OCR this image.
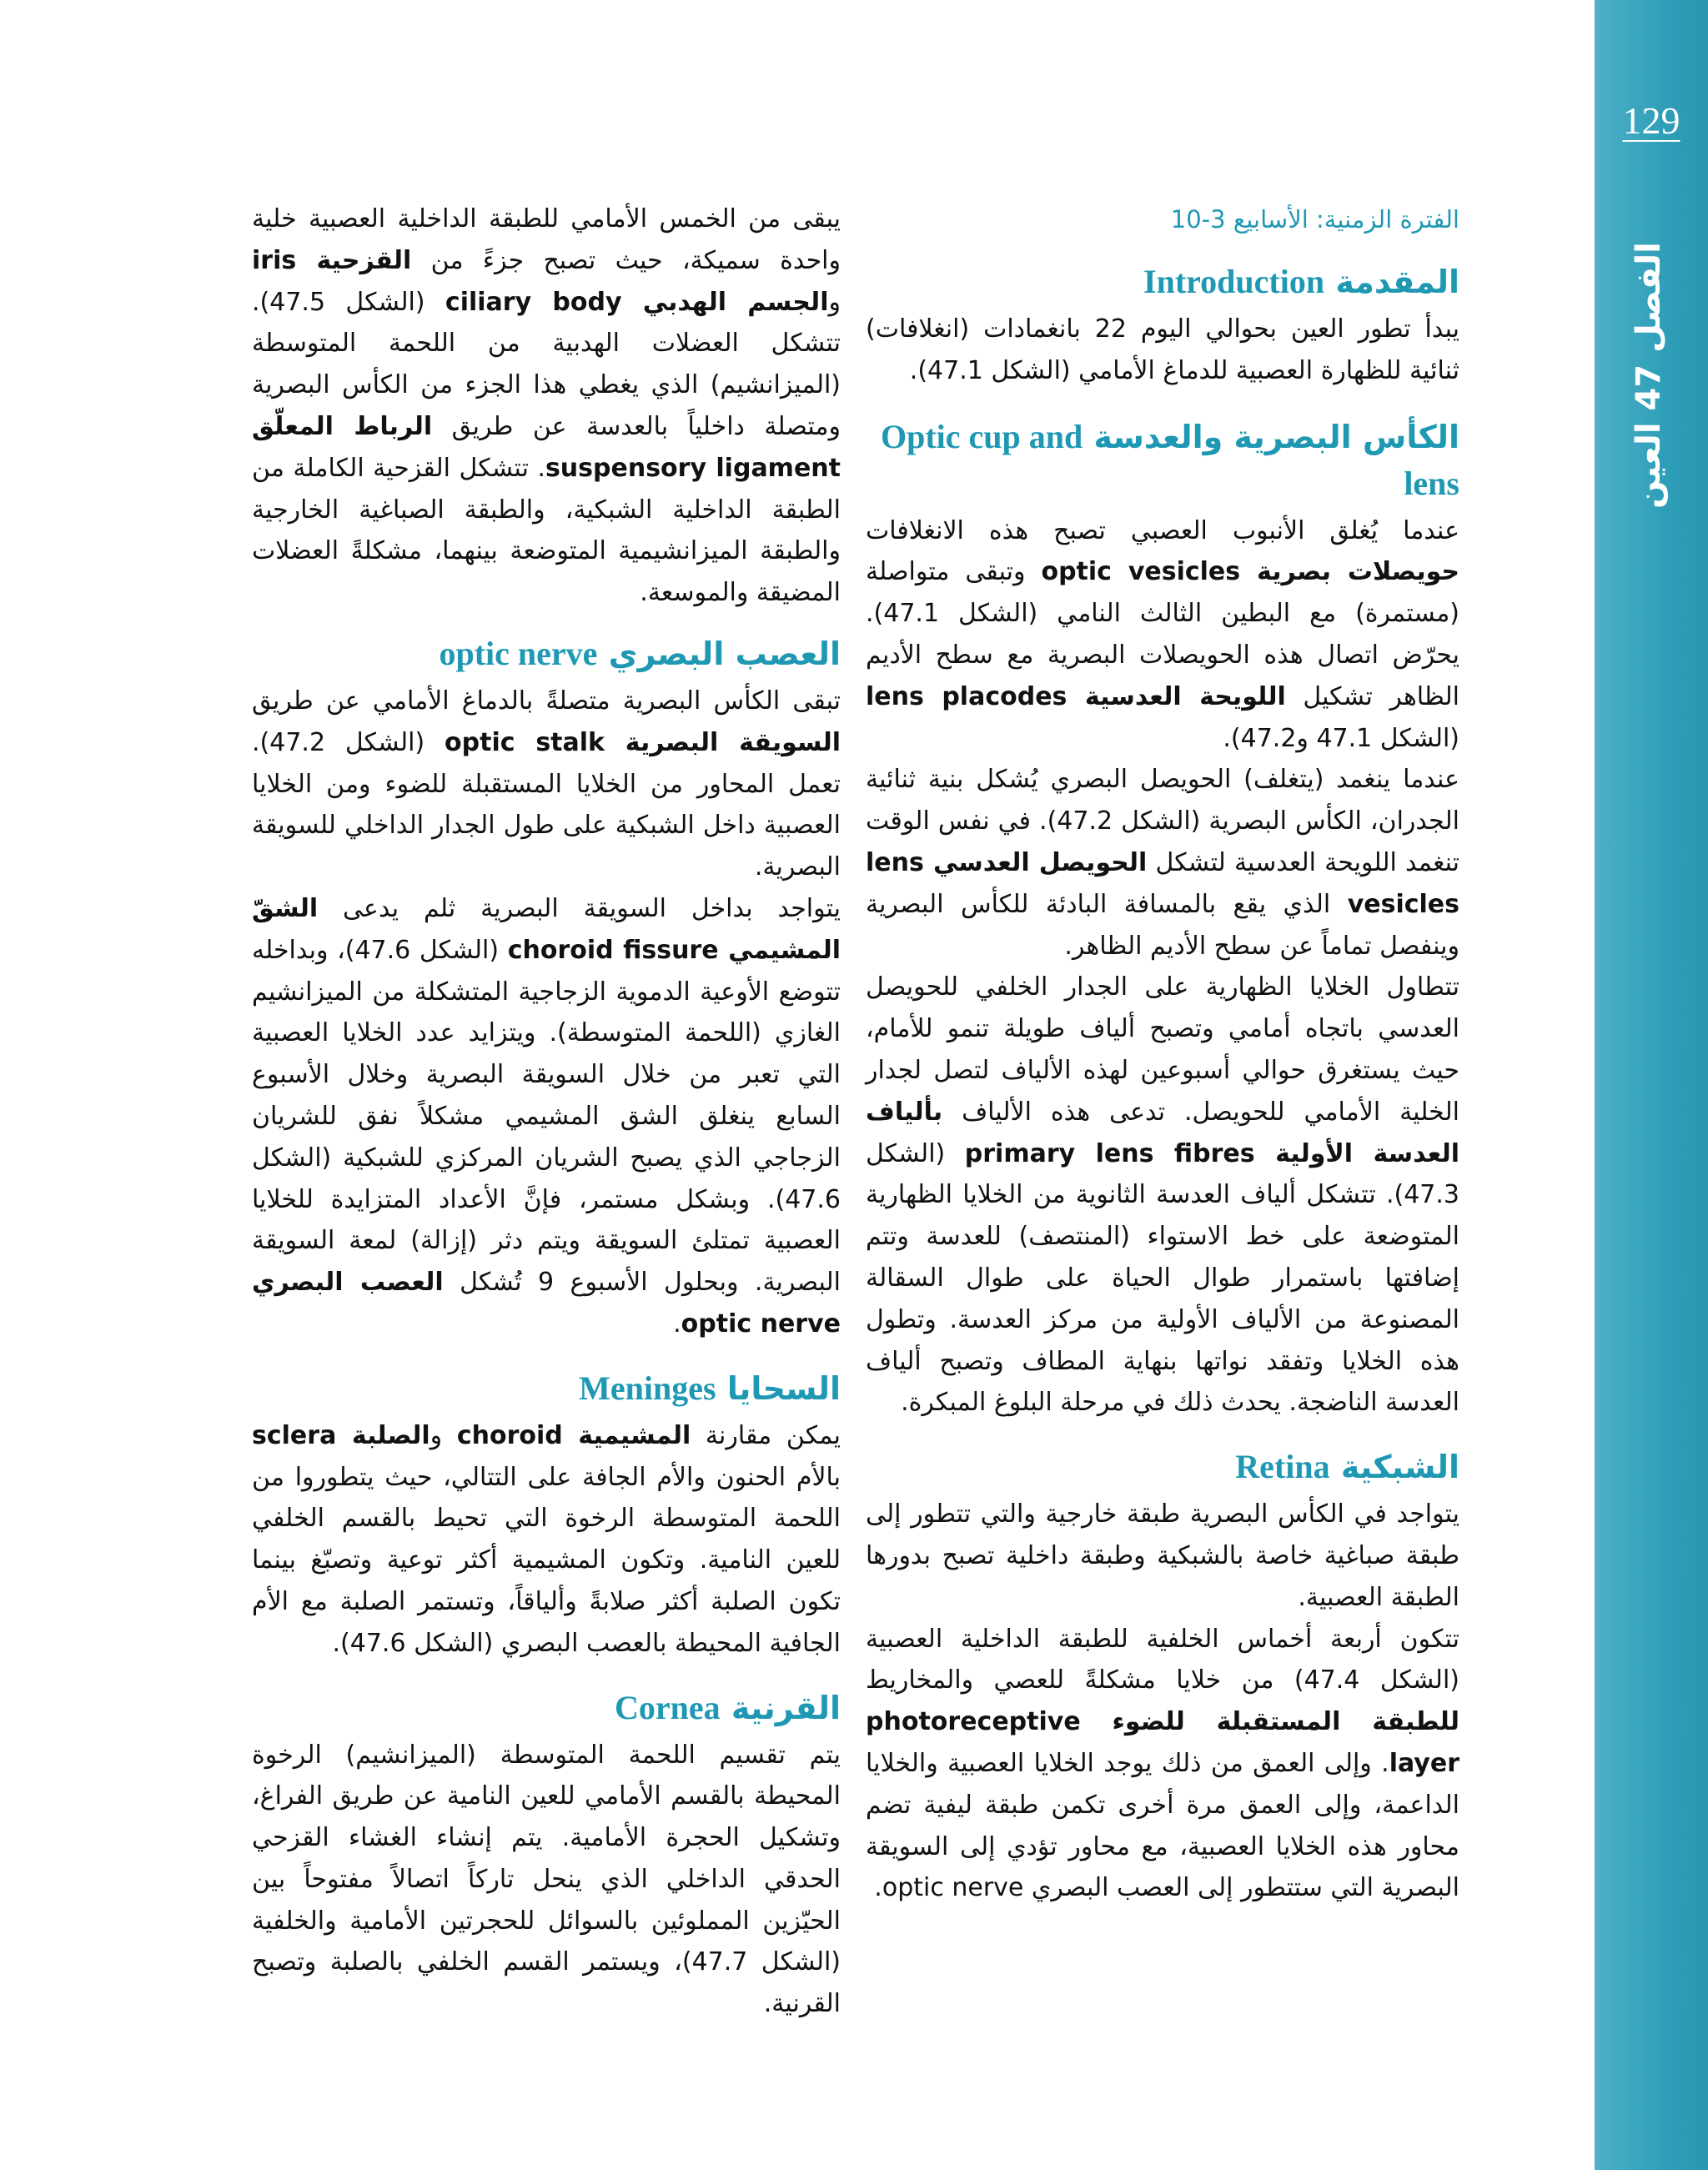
129
الفصل 47 العين
الفترة الزمنية: الأسابيع 3-10
المقدمة Introduction

يبدأ تطور العين بحوالي اليوم 22 بانغمادات (انغلافات) ثنائية للظهارة العصبية للدماغ الأمامي (الشكل 47.1).

الكأس البصرية والعدسة Optic cup and lens

عندما يُغلق الأنبوب العصبي تصبح هذه الانغلافات حويصلات بصرية optic vesicles وتبقى متواصلة (مستمرة) مع البطين الثالث النامي (الشكل 47.1). يحرّض اتصال هذه الحويصلات البصرية مع سطح الأديم الظاهر تشكيل اللويحة العدسية lens placodes (الشكل 47.1 و47.2).

عندما ينغمد (يتغلف) الحويصل البصري يُشكل بنية ثنائية الجدران، الكأس البصرية (الشكل 47.2). في نفس الوقت تنغمد اللويحة العدسية لتشكل الحويصل العدسي lens vesicles الذي يقع بالمسافة البادئة للكأس البصرية وينفصل تماماً عن سطح الأديم الظاهر.

تتطاول الخلايا الظهارية على الجدار الخلفي للحويصل العدسي باتجاه أمامي وتصبح ألياف طويلة تنمو للأمام، حيث يستغرق حوالي أسبوعين لهذه الألياف لتصل لجدار الخلية الأمامي للحويصل. تدعى هذه الألياف بألياف العدسة الأولية primary lens fibres (الشكل 47.3). تتشكل ألياف العدسة الثانوية من الخلايا الظهارية المتوضعة على خط الاستواء (المنتصف) للعدسة وتتم إضافتها باستمرار طوال الحياة على طوال السقالة المصنوعة من الألياف الأولية من مركز العدسة. وتطول هذه الخلايا وتفقد نواتها بنهاية المطاف وتصبح ألياف العدسة الناضجة. يحدث ذلك في مرحلة البلوغ المبكرة.

الشبكية Retina

يتواجد في الكأس البصرية طبقة خارجية والتي تتطور إلى طبقة صباغية خاصة بالشبكية وطبقة داخلية تصبح بدورها الطبقة العصبية.

تتكون أربعة أخماس الخلفية للطبقة الداخلية العصبية (الشكل 47.4) من خلايا مشكلةً للعصي والمخاريط للطبقة المستقبلة للضوء photoreceptive layer. وإلى العمق من ذلك يوجد الخلايا العصبية والخلايا الداعمة، وإلى العمق مرة أخرى تكمن طبقة ليفية تضم محاور هذه الخلايا العصبية، مع محاور تؤدي إلى السويقة البصرية التي ستتطور إلى العصب البصري optic nerve.

يبقى من الخمس الأمامي للطبقة الداخلية العصبية خلية واحدة سميكة، حيث تصبح جزءً من القزحية iris والجسم الهدبي ciliary body (الشكل 47.5). تتشكل العضلات الهدبية من اللحمة المتوسطة (الميزانشيم) الذي يغطي هذا الجزء من الكأس البصرية ومتصلة داخلياً بالعدسة عن طريق الرباط المعلّق suspensory ligament. تتشكل القزحية الكاملة من الطبقة الداخلية الشبكية، والطبقة الصباغية الخارجية والطبقة الميزانشيمية المتوضعة بينهما، مشكلةً العضلات المضيقة والموسعة.

العصب البصري optic nerve

تبقى الكأس البصرية متصلةً بالدماغ الأمامي عن طريق السويقة البصرية optic stalk (الشكل 47.2). تعمل المحاور من الخلايا المستقبلة للضوء ومن الخلايا العصبية داخل الشبكية على طول الجدار الداخلي للسويقة البصرية.

يتواجد بداخل السويقة البصرية ثلم يدعى الشقّ المشيمي choroid fissure (الشكل 47.6)، وبداخله تتوضع الأوعية الدموية الزجاجية المتشكلة من الميزانشيم الغازي (اللحمة المتوسطة). ويتزايد عدد الخلايا العصبية التي تعبر من خلال السويقة البصرية وخلال الأسبوع السابع ينغلق الشق المشيمي مشكلاً نفق للشريان الزجاجي الذي يصبح الشريان المركزي للشبكية (الشكل 47.6). وبشكل مستمر، فإنَّ الأعداد المتزايدة للخلايا العصبية تمتلئ السويقة ويتم دثر (إزالة) لمعة السويقة البصرية. وبحلول الأسبوع 9 تُشكل العصب البصري optic nerve.

السحايا Meninges

يمكن مقارنة المشيمية choroid والصلبة sclera بالأم الحنون والأم الجافة على التتالي، حيث يتطوروا من اللحمة المتوسطة الرخوة التي تحيط بالقسم الخلفي للعين النامية. وتكون المشيمية أكثر توعية وتصبّغ بينما تكون الصلبة أكثر صلابةً وألياقاً، وتستمر الصلبة مع الأم الجافية المحيطة بالعصب البصري (الشكل 47.6).

القرنية Cornea

يتم تقسيم اللحمة المتوسطة (الميزانشيم) الرخوة المحيطة بالقسم الأمامي للعين النامية عن طريق الفراغ، وتشكيل الحجرة الأمامية. يتم إنشاء الغشاء القزحي الحدقي الداخلي الذي ينحل تاركاً اتصالاً مفتوحاً بين الحيّزين المملوئين بالسوائل للحجرتين الأمامية والخلفية (الشكل 47.7)، ويستمر القسم الخلفي بالصلبة وتصبح القرنية.
